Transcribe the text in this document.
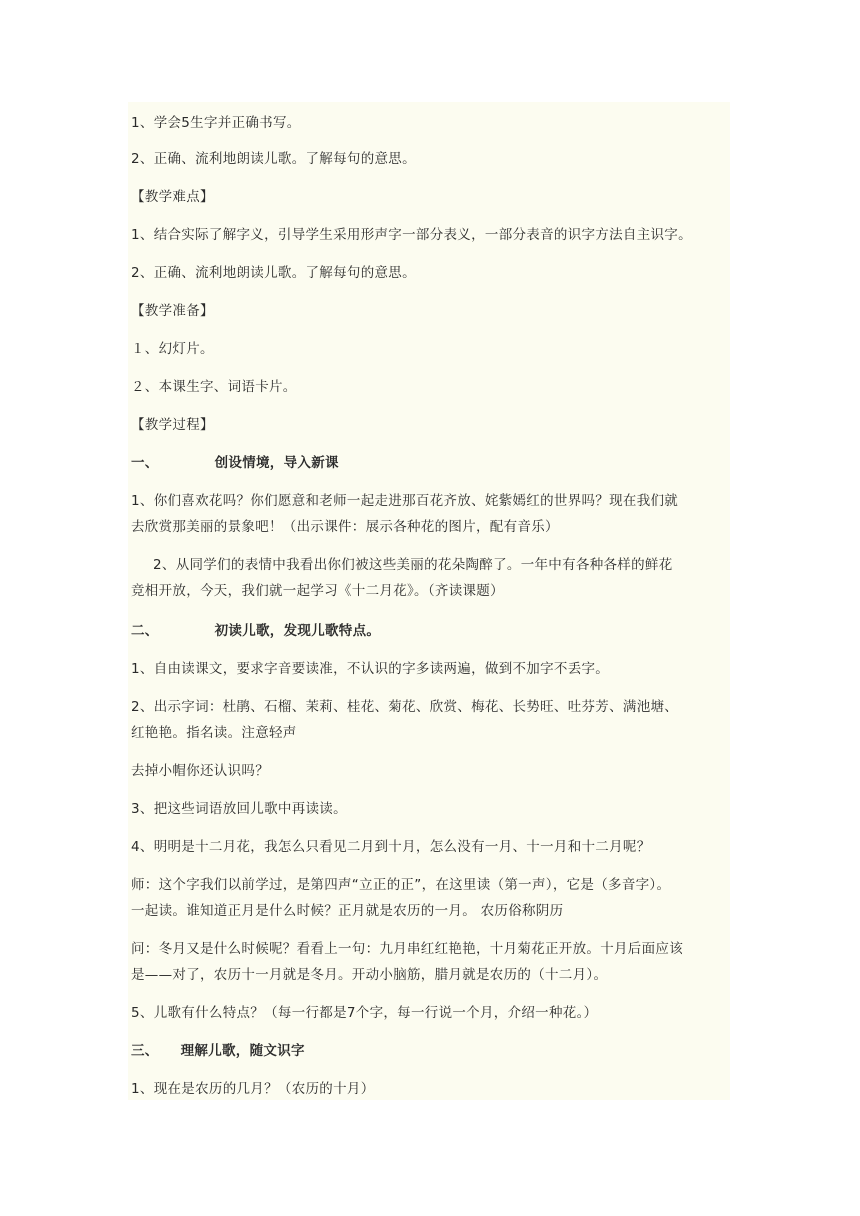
1、学会5生字并正确书写。
2、正确、流利地朗读儿歌。了解每句的意思。
【教学难点】
1、结合实际了解字义，引导学生采用形声字一部分表义，一部分表音的识字方法自主识字。
2、正确、流利地朗读儿歌。了解每句的意思。
【教学准备】
１、幻灯片。
２、本课生字、词语卡片。
【教学过程】
一、	创设情境，导入新课
1、你们喜欢花吗？你们愿意和老师一起走进那百花齐放、姹紫嫣红的世界吗？现在我们就
去欣赏那美丽的景象吧！（出示课件：展示各种花的图片，配有音乐）
2、从同学们的表情中我看出你们被这些美丽的花朵陶醉了。一年中有各种各样的鲜花
竞相开放，今天，我们就一起学习《十二月花》。（齐读课题）
二、	初读儿歌，发现儿歌特点。
1、自由读课文，要求字音要读准，不认识的字多读两遍，做到不加字不丢字。
2、出示字词：杜鹃、石榴、茉莉、桂花、菊花、欣赏、梅花、长势旺、吐芬芳、满池塘、
红艳艳。指名读。注意轻声
去掉小帽你还认识吗？
3、把这些词语放回儿歌中再读读。
4、明明是十二月花，我怎么只看见二月到十月，怎么没有一月、十一月和十二月呢？
师：这个字我们以前学过，是第四声“立正的正”，在这里读（第一声），它是（多音字）。
一起读。谁知道正月是什么时候？正月就是农历的一月。 农历俗称阴历
问：冬月又是什么时候呢？看看上一句：九月串红红艳艳，十月菊花正开放。十月后面应该
是——对了，农历十一月就是冬月。开动小脑筋，腊月就是农历的（十二月）。
5、儿歌有什么特点？（每一行都是7个字，每一行说一个月，介绍一种花。）
三、 理解儿歌，随文识字
1、现在是农历的几月？（农历的十月）
